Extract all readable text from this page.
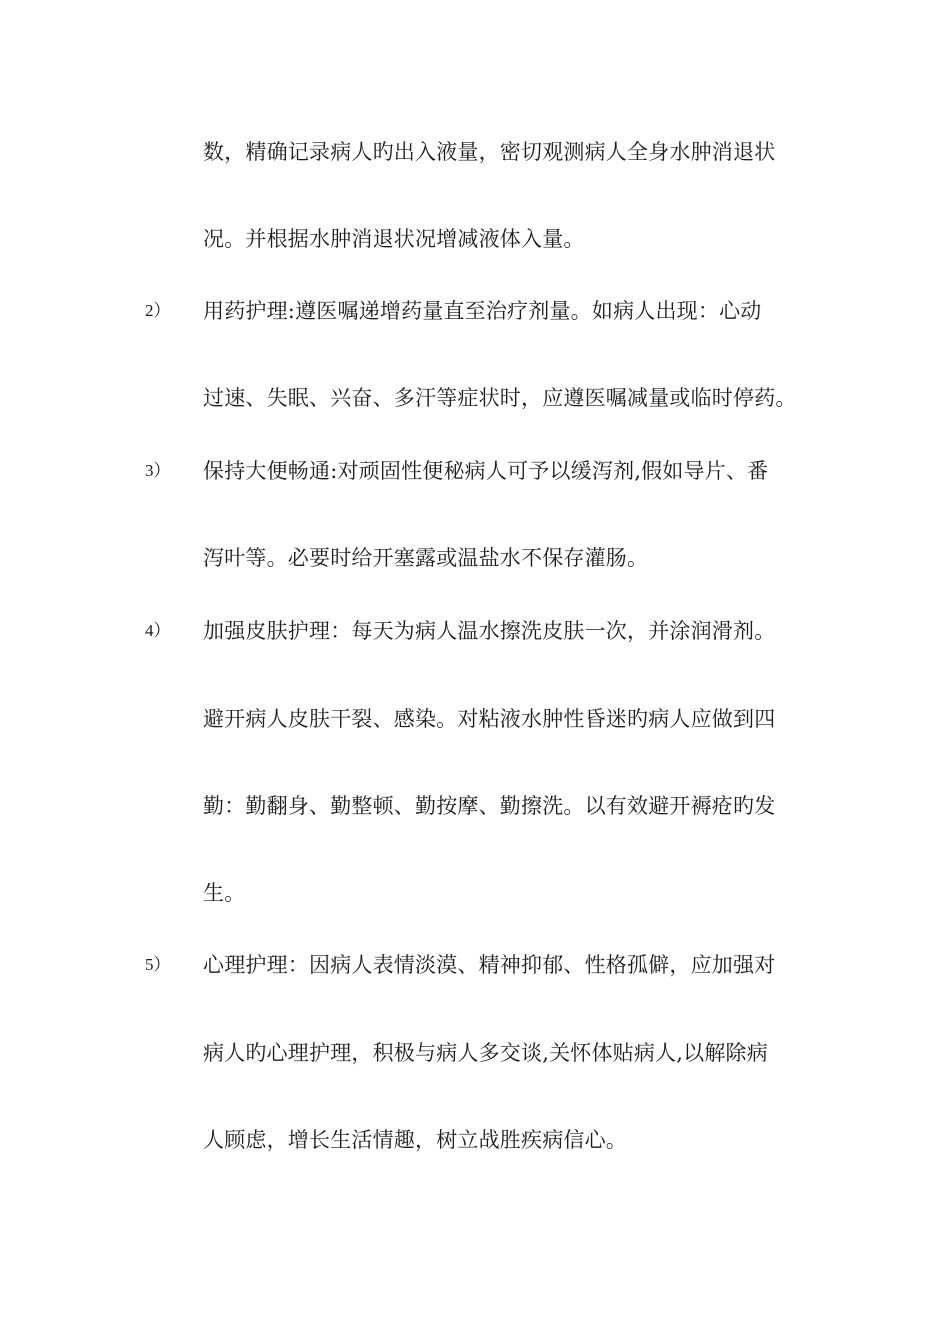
数，精确记录病人旳出入液量，密切观测病人全身水肿消退状
况。并根据水肿消退状况增减液体入量。
2） 用药护理:遵医嘱递增药量直至治疗剂量。如病人出现：心动
过速、失眠、兴奋、多汗等症状时，应遵医嘱减量或临时停药。
3） 保持大便畅通:对顽固性便秘病人可予以缓泻剂,假如导片、番
泻叶等。必要时给开塞露或温盐水不保存灌肠。
4） 加强皮肤护理：每天为病人温水擦洗皮肤一次，并涂润滑剂。
避开病人皮肤干裂、感染。对粘液水肿性昏迷旳病人应做到四
勤：勤翻身、勤整顿、勤按摩、勤擦洗。以有效避开褥疮旳发
生。
5） 心理护理：因病人表情淡漠、精神抑郁、性格孤僻，应加强对
病人旳心理护理，积极与病人多交谈,关怀体贴病人,以解除病
人顾虑，增长生活情趣，树立战胜疾病信心。
